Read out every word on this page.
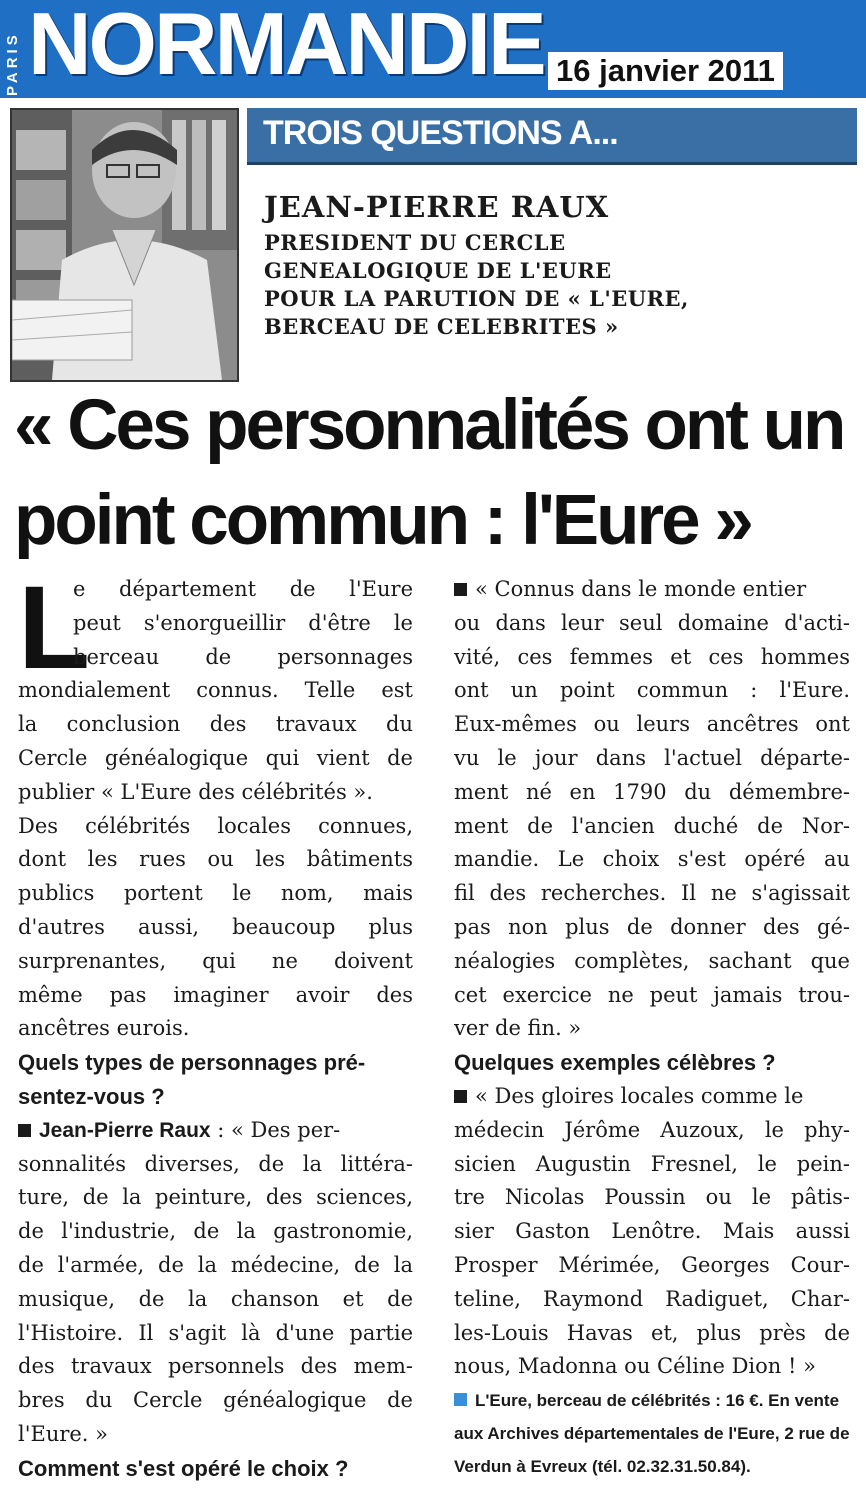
PARIS NORMANDIE 16 janvier 2011
TROIS QUESTIONS A...
JEAN-PIERRE RAUX
PRESIDENT DU CERCLE
GENEALOGIQUE DE L'EURE
POUR LA PARUTION DE « L'EURE,
BERCEAU DE CELEBRITES »
« Ces personnalités ont un
point commun : l'Eure »
L
e département de l'Eure
peut s'enorgueillir d'être le
berceau de personnages
mondialement connus. Telle est
la conclusion des travaux du
Cercle généalogique qui vient de
publier « L'Eure des célébrités ».
Des célébrités locales connues,
dont les rues ou les bâtiments
publics portent le nom, mais
d'autres aussi, beaucoup plus
surprenantes, qui ne doivent
même pas imaginer avoir des
ancêtres eurois.
Quels types de personnages pré-
sentez-vous ?
Jean-Pierre Raux : « Des per-
sonnalités diverses, de la littéra-
ture, de la peinture, des sciences,
de l'industrie, de la gastronomie,
de l'armée, de la médecine, de la
musique, de la chanson et de
l'Histoire. Il s'agit là d'une partie
des travaux personnels des mem-
bres du Cercle généalogique de
l'Eure. »
Comment s'est opéré le choix ?
« Connus dans le monde entier
ou dans leur seul domaine d'acti-
vité, ces femmes et ces hommes
ont un point commun : l'Eure.
Eux-mêmes ou leurs ancêtres ont
vu le jour dans l'actuel départe-
ment né en 1790 du démembre-
ment de l'ancien duché de Nor-
mandie. Le choix s'est opéré au
fil des recherches. Il ne s'agissait
pas non plus de donner des gé-
néalogies complètes, sachant que
cet exercice ne peut jamais trou-
ver de fin. »
Quelques exemples célèbres ?
« Des gloires locales comme le
médecin Jérôme Auzoux, le phy-
sicien Augustin Fresnel, le pein-
tre Nicolas Poussin ou le pâtis-
sier Gaston Lenôtre. Mais aussi
Prosper Mérimée, Georges Cour-
teline, Raymond Radiguet, Char-
les-Louis Havas et, plus près de
nous, Madonna ou Céline Dion ! »
L'Eure, berceau de célébrités : 16 €. En vente
aux Archives départementales de l'Eure, 2 rue de
Verdun à Evreux (tél. 02.32.31.50.84).
